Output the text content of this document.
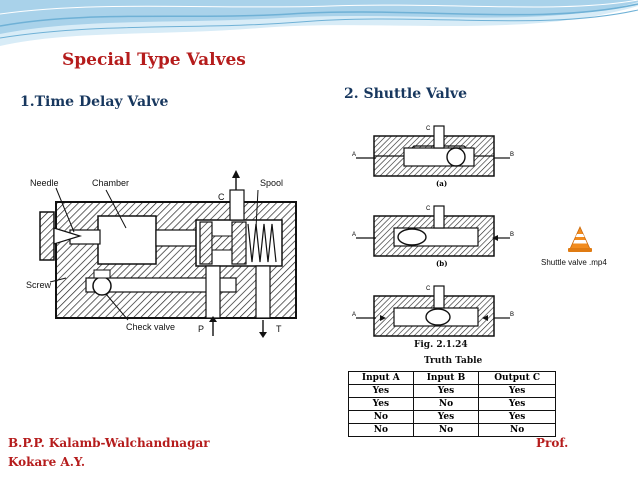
Special Type Valves
1.Time Delay Valve	2. Shuttle Valve
Needle	Chamber	Spool
C
Screw
Check valve	P	T
A	B
C
(a)
A	B
C
(b)
A	B
C
Fig. 2.1.24
Truth Table
Input A	Input B	Output C
Yes	Yes	Yes
Yes	No	Yes
No	Yes	Yes
No	No	No
Shuttle valve .mp4
B.P.P. Kalamb-Walchandnagar
Kokare A.Y.
Prof.
